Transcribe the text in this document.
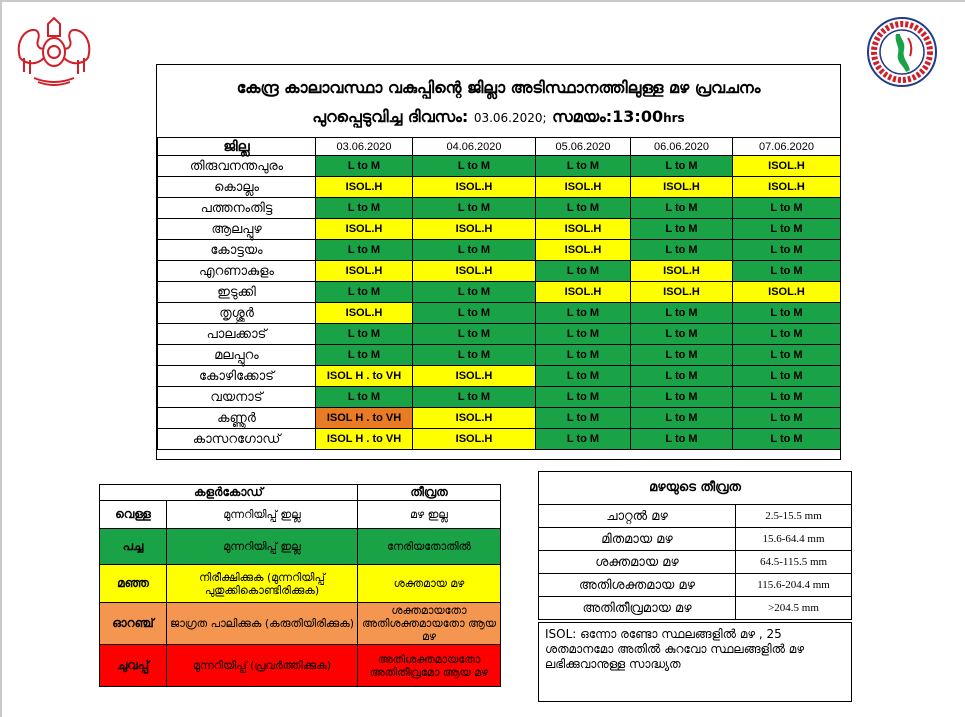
കേന്ദ്ര കാലാവസ്ഥാ വകുപ്പിന്റെ ജില്ലാ അടിസ്ഥാനത്തിലുള്ള മഴ പ്രവചനം
പുറപ്പെടുവിച്ച ദിവസം: 03.06.2020; സമയം:13:00hrs
ജില്ല	03.06.2020	04.06.2020	05.06.2020	06.06.2020	07.06.2020
തിരുവനന്തപുരം	L to M	L to M	L to M	L to M	ISOL.H
കൊല്ലം	ISOL.H	ISOL.H	ISOL.H	ISOL.H	ISOL.H
പത്തനംതിട്ട	L to M	L to M	L to M	L to M	L to M
ആലപ്പുഴ	ISOL.H	ISOL.H	ISOL.H	L to M	L to M
കോട്ടയം	L to M	L to M	ISOL.H	L to M	L to M
എറണാകുളം	ISOL.H	ISOL.H	L to M	ISOL.H	L to M
ഇടുക്കി	L to M	L to M	ISOL.H	ISOL.H	ISOL.H
തൃശ്ശൂർ	ISOL.H	L to M	L to M	L to M	L to M
പാലക്കാട്	L to M	L to M	L to M	L to M	L to M
മലപ്പുറം	L to M	L to M	L to M	L to M	L to M
കോഴിക്കോട്	ISOL H . to VH	ISOL.H	L to M	L to M	L to M
വയനാട്	L to M	L to M	L to M	L to M	L to M
കണ്ണൂർ	ISOL H . to VH	ISOL.H	L to M	L to M	L to M
കാസറഗോഡ്	ISOL H . to VH	ISOL.H	L to M	L to M	L to M
കളർകോഡ്		തീവ്രത
വെള്ള	മുന്നറിയിപ്പ് ഇല്ല	മഴ ഇല്ല
പച്ച	മുന്നറിയിപ്പ് ഇല്ല	നേരിയതോതിൽ
മഞ്ഞ	നിരീക്ഷിക്കുക (മുന്നറിയിപ്പ് പുതുക്കികൊണ്ടിരിക്കുക)	ശക്തമായ മഴ
ഓറഞ്ച്	ജാഗ്രത പാലിക്കുക (കരുതിയിരിക്കുക)	ശക്തമായതോ അതിശക്തമായതോ ആയ മഴ
ചുവപ്പ്	മുന്നറിയിപ്പ് (പ്രവർത്തിക്കുക)	അതിശക്തമായതോ അതിതീവ്രമോ ആയ മഴ
മഴയുടെ തീവ്രത
ചാറ്റൽ മഴ	2.5-15.5 mm
മിതമായ മഴ	15.6-64.4 mm
ശക്തമായ മഴ	64.5-115.5 mm
അതിശക്തമായ മഴ	115.6-204.4 mm
അതിതീവ്രമായ മഴ	>204.5 mm
ISOL: ഒന്നോ രണ്ടോ സ്ഥലങ്ങളിൽ മഴ , 25 ശതമാനമോ അതിൽ കുറവോ സ്ഥലങ്ങളിൽ മഴ ലഭിക്കുവാനുള്ള സാദ്ധ്യത
